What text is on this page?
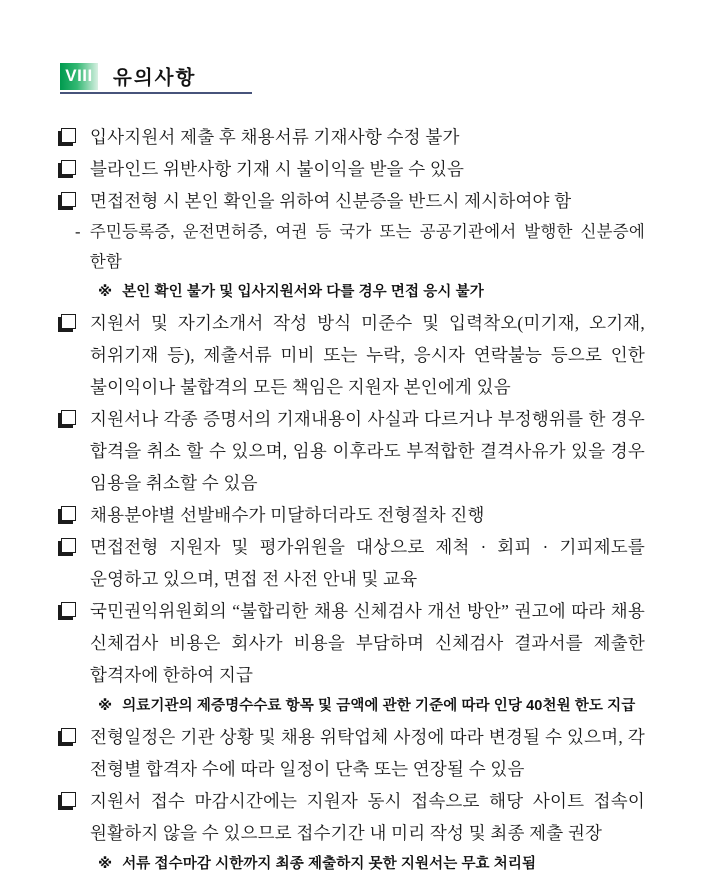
VIII 유의사항
입사지원서 제출 후 채용서류 기재사항 수정 불가
블라인드 위반사항 기재 시 불이익을 받을 수 있음
면접전형 시 본인 확인을 위하여 신분증을 반드시 제시하여야 함
- 주민등록증, 운전면허증, 여권 등 국가 또는 공공기관에서 발행한 신분증에 한함
※ 본인 확인 불가 및 입사지원서와 다를 경우 면접 응시 불가
지원서 및 자기소개서 작성 방식 미준수 및 입력착오(미기재, 오기재, 허위기재 등), 제출서류 미비 또는 누락, 응시자 연락불능 등으로 인한 불이익이나 불합격의 모든 책임은 지원자 본인에게 있음
지원서나 각종 증명서의 기재내용이 사실과 다르거나 부정행위를 한 경우 합격을 취소 할 수 있으며, 임용 이후라도 부적합한 결격사유가 있을 경우 임용을 취소할 수 있음
채용분야별 선발배수가 미달하더라도 전형절차 진행
면접전형 지원자 및 평가위원을 대상으로 제척 · 회피 · 기피제도를 운영하고 있으며, 면접 전 사전 안내 및 교육
국민권익위원회의 “불합리한 채용 신체검사 개선 방안” 권고에 따라 채용 신체검사 비용은 회사가 비용을 부담하며 신체검사 결과서를 제출한 합격자에 한하여 지급
※ 의료기관의 제증명수수료 항목 및 금액에 관한 기준에 따라 인당 40천원 한도 지급
전형일정은 기관 상황 및 채용 위탁업체 사정에 따라 변경될 수 있으며, 각 전형별 합격자 수에 따라 일정이 단축 또는 연장될 수 있음
지원서 접수 마감시간에는 지원자 동시 접속으로 해당 사이트 접속이 원활하지 않을 수 있으므로 접수기간 내 미리 작성 및 최종 제출 권장
※ 서류 접수마감 시한까지 최종 제출하지 못한 지원서는 무효 처리됨
